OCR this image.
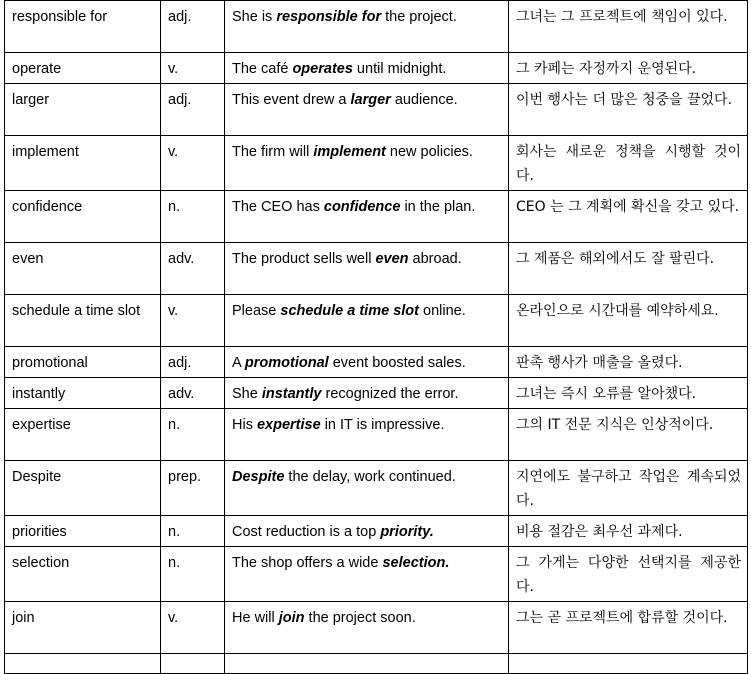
responsible for	adj.	She is responsible for the project.	그녀는 그 프로젝트에 책임이 있다.
operate	v.	The café operates until midnight.	그 카페는 자정까지 운영된다.
larger	adj.	This event drew a larger audience.	이번 행사는 더 많은 청중을 끌었다.
implement	v.	The firm will implement new policies.	회사는 새로운 정책을 시행할 것이다.
confidence	n.	The CEO has confidence in the plan.	CEO 는 그 계획에 확신을 갖고 있다.
even	adv.	The product sells well even abroad.	그 제품은 해외에서도 잘 팔린다.
schedule a time slot	v.	Please schedule a time slot online.	온라인으로 시간대를 예약하세요.
promotional	adj.	A promotional event boosted sales.	판촉 행사가 매출을 올렸다.
instantly	adv.	She instantly recognized the error.	그녀는 즉시 오류를 알아챘다.
expertise	n.	His expertise in IT is impressive.	그의 IT 전문 지식은 인상적이다.
Despite	prep.	Despite the delay, work continued.	지연에도 불구하고 작업은 계속되었다.
priorities	n.	Cost reduction is a top priority.	비용 절감은 최우선 과제다.
selection	n.	The shop offers a wide selection.	그 가게는 다양한 선택지를 제공한다.
join	v.	He will join the project soon.	그는 곧 프로젝트에 합류할 것이다.
